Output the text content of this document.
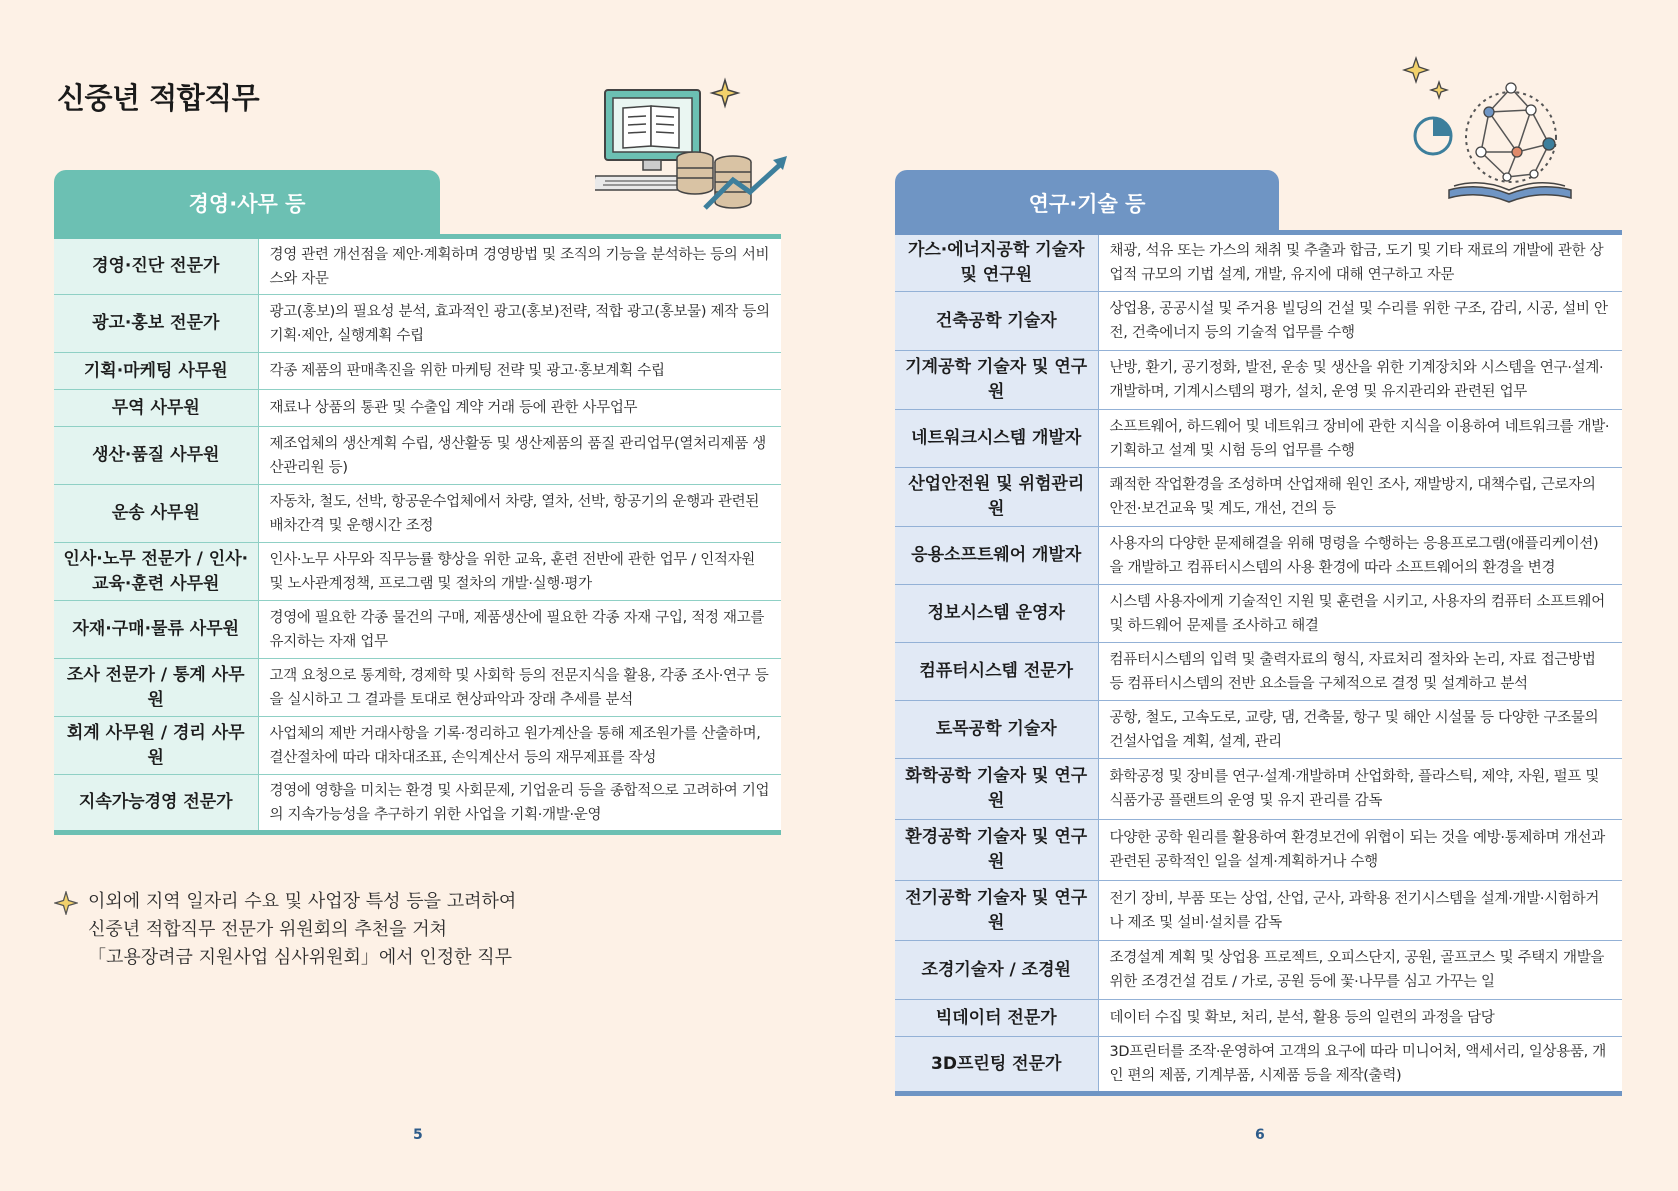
신중년 적합직무
경영·사무 등
경영·진단 전문가	경영 관련 개선점을 제안·계획하며 경영방법 및 조직의 기능을 분석하는 등의 서비스와 자문
광고·홍보 전문가	광고(홍보)의 필요성 분석, 효과적인 광고(홍보)전략, 적합 광고(홍보물) 제작 등의 기획·제안, 실행계획 수립
기획·마케팅 사무원	각종 제품의 판매촉진을 위한 마케팅 전략 및 광고·홍보계획 수립
무역 사무원	재료나 상품의 통관 및 수출입 계약 거래 등에 관한 사무업무
생산·품질 사무원	제조업체의 생산계획 수립, 생산활동 및 생산제품의 품질 관리업무(열처리제품 생산관리원 등)
운송 사무원	자동차, 철도, 선박, 항공운수업체에서 차량, 열차, 선박, 항공기의 운행과 관련된 배차간격 및 운행시간 조정
인사·노무 전문가 / 인사·교육·훈련 사무원	인사·노무 사무와 직무능률 향상을 위한 교육, 훈련 전반에 관한 업무 / 인적자원 및 노사관계정책, 프로그램 및 절차의 개발·실행·평가
자재·구매·물류 사무원	경영에 필요한 각종 물건의 구매, 제품생산에 필요한 각종 자재 구입, 적정 재고를 유지하는 자재 업무
조사 전문가 / 통계 사무원	고객 요청으로 통계학, 경제학 및 사회학 등의 전문지식을 활용, 각종 조사·연구 등을 실시하고 그 결과를 토대로 현상파악과 장래 추세를 분석
회계 사무원 / 경리 사무원	사업체의 제반 거래사항을 기록·정리하고 원가계산을 통해 제조원가를 산출하며, 결산절차에 따라 대차대조표, 손익계산서 등의 재무제표를 작성
지속가능경영 전문가	경영에 영향을 미치는 환경 및 사회문제, 기업윤리 등을 종합적으로 고려하여 기업의 지속가능성을 추구하기 위한 사업을 기획·개발·운영
이외에 지역 일자리 수요 및 사업장 특성 등을 고려하여
신중년 적합직무 전문가 위원회의 추천을 거쳐
「고용장려금 지원사업 심사위원회」에서 인정한 직무
5
연구·기술 등
가스·에너지공학 기술자 및 연구원	채광, 석유 또는 가스의 채취 및 추출과 합금, 도기 및 기타 재료의 개발에 관한 상업적 규모의 기법 설계, 개발, 유지에 대해 연구하고 자문
건축공학 기술자	상업용, 공공시설 및 주거용 빌딩의 건설 및 수리를 위한 구조, 감리, 시공, 설비 안전, 건축에너지 등의 기술적 업무를 수행
기계공학 기술자 및 연구원	난방, 환기, 공기정화, 발전, 운송 및 생산을 위한 기계장치와 시스템을 연구·설계·개발하며, 기계시스템의 평가, 설치, 운영 및 유지관리와 관련된 업무
네트워크시스템 개발자	소프트웨어, 하드웨어 및 네트워크 장비에 관한 지식을 이용하여 네트워크를 개발·기획하고 설계 및 시험 등의 업무를 수행
산업안전원 및 위험관리원	쾌적한 작업환경을 조성하며 산업재해 원인 조사, 재발방지, 대책수립, 근로자의 안전·보건교육 및 계도, 개선, 건의 등
응용소프트웨어 개발자	사용자의 다양한 문제해결을 위해 명령을 수행하는 응용프로그램(애플리케이션)을 개발하고 컴퓨터시스템의 사용 환경에 따라 소프트웨어의 환경을 변경
정보시스템 운영자	시스템 사용자에게 기술적인 지원 및 훈련을 시키고, 사용자의 컴퓨터 소프트웨어 및 하드웨어 문제를 조사하고 해결
컴퓨터시스템 전문가	컴퓨터시스템의 입력 및 출력자료의 형식, 자료처리 절차와 논리, 자료 접근방법 등 컴퓨터시스템의 전반 요소들을 구체적으로 결정 및 설계하고 분석
토목공학 기술자	공항, 철도, 고속도로, 교량, 댐, 건축물, 항구 및 해안 시설물 등 다양한 구조물의 건설사업을 계획, 설계, 관리
화학공학 기술자 및 연구원	화학공정 및 장비를 연구·설계·개발하며 산업화학, 플라스틱, 제약, 자원, 펄프 및 식품가공 플랜트의 운영 및 유지 관리를 감독
환경공학 기술자 및 연구원	다양한 공학 원리를 활용하여 환경보건에 위협이 되는 것을 예방·통제하며 개선과 관련된 공학적인 일을 설계·계획하거나 수행
전기공학 기술자 및 연구원	전기 장비, 부품 또는 상업, 산업, 군사, 과학용 전기시스템을 설계·개발·시험하거나 제조 및 설비·설치를 감독
조경기술자 / 조경원	조경설계 계획 및 상업용 프로젝트, 오피스단지, 공원, 골프코스 및 주택지 개발을 위한 조경건설 검토 / 가로, 공원 등에 꽃·나무를 심고 가꾸는 일
빅데이터 전문가	데이터 수집 및 확보, 처리, 분석, 활용 등의 일련의 과정을 담당
3D프린팅 전문가	3D프린터를 조작·운영하여 고객의 요구에 따라 미니어처, 액세서리, 일상용품, 개인 편의 제품, 기계부품, 시제품 등을 제작(출력)
6
